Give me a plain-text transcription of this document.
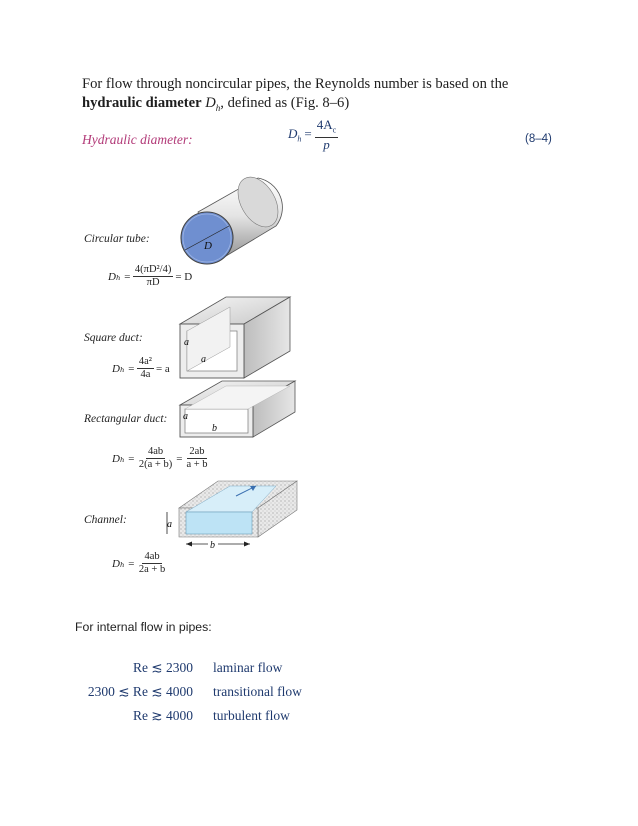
For flow through noncircular pipes, the Reynolds number is based on the
hydraulic diameter $D_h$, defined as (Fig. 8–6)
Hydraulic diameter:	$D_h = \frac{4A_c}{p}$	(8–4)
D
a
a
a
b
a
b
Circular tube:
$D_h = \frac{\text{4(πD²/4)}}{\pi D} = D$
Square duct:
$D_h = \frac{\text{4a²}}{4a} = a$
Rectangular duct:
$D_h = \frac{4ab}{2(a + b)} = \frac{2ab}{a + b}$
Channel:
$D_h = \frac{4ab}{2a + b}$
For internal flow in pipes:
Re ≲ 2300 laminar flow
2300 ≲ Re ≲ 4000 transitional flow
Re ≳ 4000 turbulent flow
